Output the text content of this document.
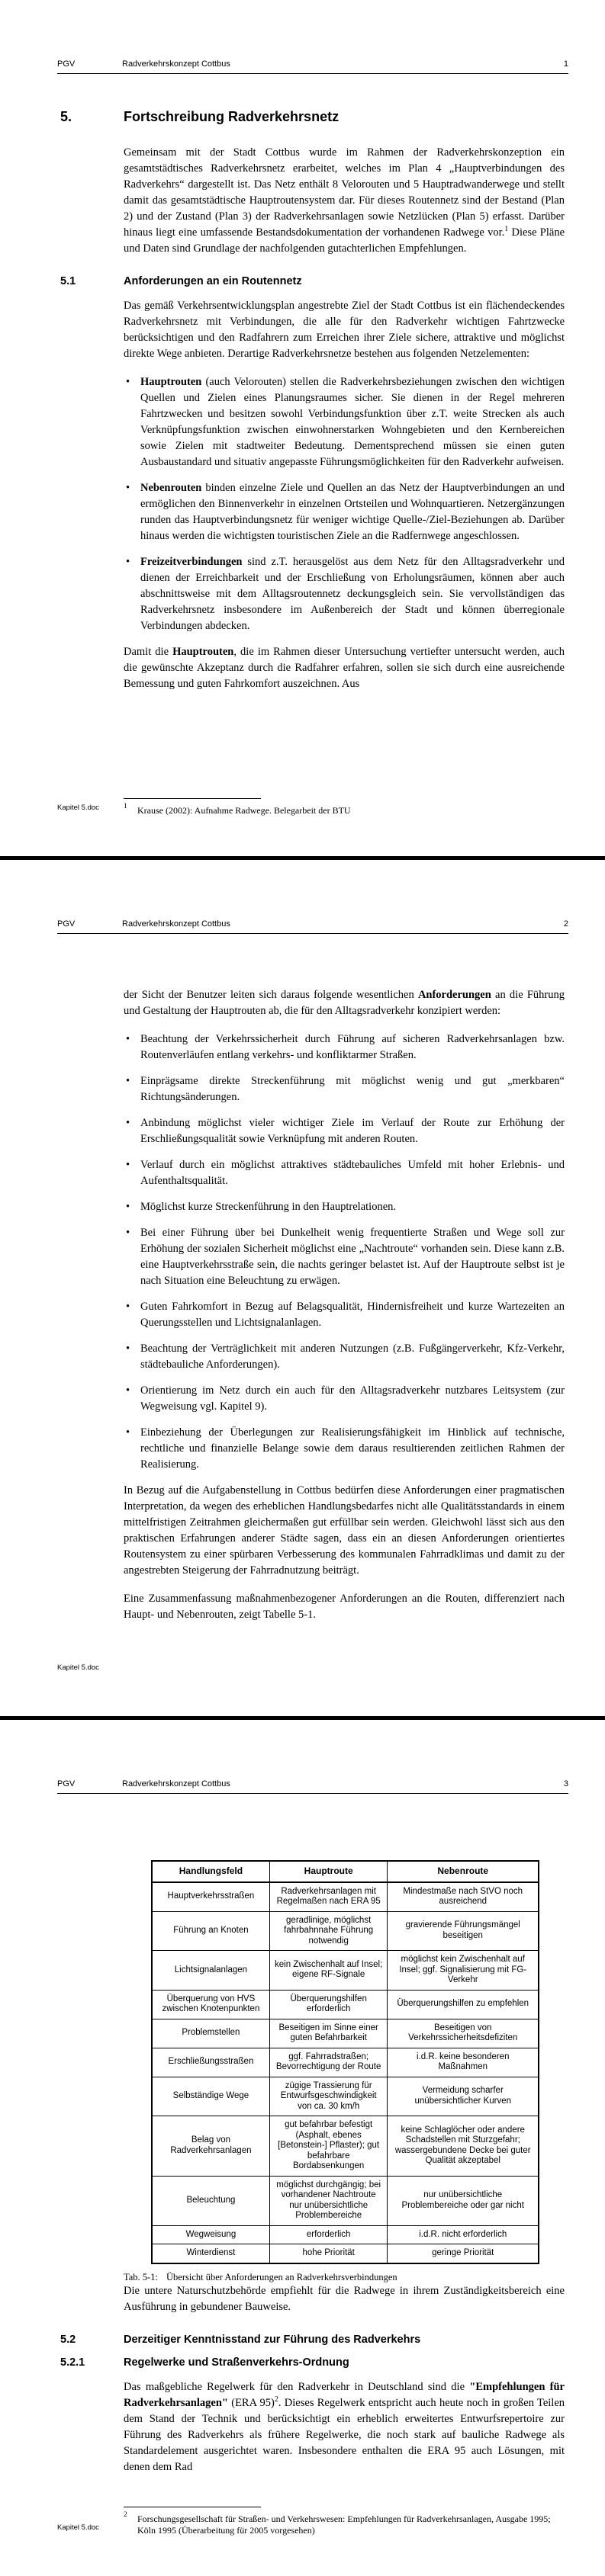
PGV	Radverkehrskonzept Cottbus	1
5.	Fortschreibung Radverkehrsnetz

Gemeinsam mit der Stadt Cottbus wurde im Rahmen der Radverkehrskonzeption ein gesamtstädtisches Radverkehrsnetz erarbeitet, welches im Plan 4 „Hauptverbindungen des Radverkehrs“ dargestellt ist. Das Netz enthält 8 Velorouten und 5 Hauptradwanderwege und stellt damit das gesamtstädtische Hauptroutensystem dar. Für dieses Routennetz sind der Bestand (Plan 2) und der Zustand (Plan 3) der Radverkehrsanlagen sowie Netzlücken (Plan 5) erfasst. Darüber hinaus liegt eine umfassende Bestandsdokumentation der vorhandenen Radwege vor.$^1$ Diese Pläne und Daten sind Grundlage der nachfolgenden gutachterlichen Empfehlungen.

5.1	Anforderungen an ein Routennetz

Das gemäß Verkehrsentwicklungsplan angestrebte Ziel der Stadt Cottbus ist ein flächendeckendes Radverkehrsnetz mit Verbindungen, die alle für den Radverkehr wichtigen Fahrtzwecke berücksichtigen und den Radfahrern zum Erreichen ihrer Ziele sichere, attraktive und möglichst direkte Wege anbieten. Derartige Radverkehrsnetze bestehen aus folgenden Netzelementen:

• Hauptrouten (auch Velorouten) stellen die Radverkehrsbeziehungen zwischen den wichtigen Quellen und Zielen eines Planungsraumes sicher. Sie dienen in der Regel mehreren Fahrtzwecken und besitzen sowohl Verbindungsfunktion über z.T. weite Strecken als auch Verknüpfungsfunktion zwischen einwohnerstarken Wohngebieten und den Kernbereichen sowie Zielen mit stadtweiter Bedeutung. Dementsprechend müssen sie einen guten Ausbaustandard und situativ angepasste Führungsmöglichkeiten für den Radverkehr aufweisen.
• Nebenrouten binden einzelne Ziele und Quellen an das Netz der Hauptverbindungen an und ermöglichen den Binnenverkehr in einzelnen Ortsteilen und Wohnquartieren. Netzergänzungen runden das Hauptverbindungsnetz für weniger wichtige Quelle-/Ziel-Beziehungen ab. Darüber hinaus werden die wichtigsten touristischen Ziele an die Radfernwege angeschlossen.
• Freizeitverbindungen sind z.T. herausgelöst aus dem Netz für den Alltagsradverkehr und dienen der Erreichbarkeit und der Erschließung von Erholungsräumen, können aber auch abschnittsweise mit dem Alltagsroutennetz deckungsgleich sein. Sie vervollständigen das Radverkehrsnetz insbesondere im Außenbereich der Stadt und können überregionale Verbindungen abdecken.

Damit die Hauptrouten, die im Rahmen dieser Untersuchung vertiefter untersucht werden, auch die gewünschte Akzeptanz durch die Radfahrer erfahren, sollen sie sich durch eine ausreichende Bemessung und guten Fahrkomfort auszeichnen. Aus

1 Krause (2002): Aufnahme Radwege. Belegarbeit der BTU
Kapitel 5.doc
PGV	Radverkehrskonzept Cottbus	2

der Sicht der Benutzer leiten sich daraus folgende wesentlichen Anforderungen an die Führung und Gestaltung der Hauptrouten ab, die für den Alltagsradverkehr konzipiert werden:

• Beachtung der Verkehrssicherheit durch Führung auf sicheren Radverkehrsanlagen bzw. Routenverläufen entlang verkehrs- und konfliktarmer Straßen.
• Einprägsame direkte Streckenführung mit möglichst wenig und gut „merkbaren“ Richtungsänderungen.
• Anbindung möglichst vieler wichtiger Ziele im Verlauf der Route zur Erhöhung der Erschließungsqualität sowie Verknüpfung mit anderen Routen.
• Verlauf durch ein möglichst attraktives städtebauliches Umfeld mit hoher Erlebnis- und Aufenthaltsqualität.
• Möglichst kurze Streckenführung in den Hauptrelationen.
• Bei einer Führung über bei Dunkelheit wenig frequentierte Straßen und Wege soll zur Erhöhung der sozialen Sicherheit möglichst eine „Nachtroute“ vorhanden sein. Diese kann z.B. eine Hauptverkehrsstraße sein, die nachts geringer belastet ist. Auf der Hauptroute selbst ist je nach Situation eine Beleuchtung zu erwägen.
• Guten Fahrkomfort in Bezug auf Belagsqualität, Hindernisfreiheit und kurze Wartezeiten an Querungsstellen und Lichtsignalanlagen.
• Beachtung der Verträglichkeit mit anderen Nutzungen (z.B. Fußgängerverkehr, Kfz-Verkehr, städtebauliche Anforderungen).
• Orientierung im Netz durch ein auch für den Alltagsradverkehr nutzbares Leitsystem (zur Wegweisung vgl. Kapitel 9).
• Einbeziehung der Überlegungen zur Realisierungsfähigkeit im Hinblick auf technische, rechtliche und finanzielle Belange sowie dem daraus resultierenden zeitlichen Rahmen der Realisierung.

In Bezug auf die Aufgabenstellung in Cottbus bedürfen diese Anforderungen einer pragmatischen Interpretation, da wegen des erheblichen Handlungsbedarfes nicht alle Qualitätsstandards in einem mittelfristigen Zeitrahmen gleichermaßen gut erfüllbar sein werden. Gleichwohl lässt sich aus den praktischen Erfahrungen anderer Städte sagen, dass ein an diesen Anforderungen orientiertes Routensystem zu einer spürbaren Verbesserung des kommunalen Fahrradklimas und damit zu der angestrebten Steigerung der Fahrradnutzung beiträgt.

Eine Zusammenfassung maßnahmenbezogener Anforderungen an die Routen, differenziert nach Haupt- und Nebenrouten, zeigt Tabelle 5-1.

Kapitel 5.doc
PGV	Radverkehrskonzept Cottbus	3
Handlungsfeld	Hauptroute	Nebenroute
Hauptverkehrsstraßen	Radverkehrsanlagen mit Regelmaßen nach ERA 95	Mindestmaße nach StVO noch ausreichend
Führung an Knoten	geradlinige, möglichst fahrbahnnahe Führung notwendig	gravierende Führungsmängel beseitigen
Lichtsignalanlagen	kein Zwischenhalt auf Insel; eigene RF-Signale	möglichst kein Zwischenhalt auf Insel; ggf. Signalisierung mit FG-Verkehr
Überquerung von HVS zwischen Knotenpunkten	Überquerungshilfen erforderlich	Überquerungshilfen zu empfehlen
Problemstellen	Beseitigen im Sinne einer guten Befahrbarkeit	Beseitigen von Verkehrssicherheitsdefiziten
Erschließungsstraßen	ggf. Fahrradstraßen; Bevorrechtigung der Route	i.d.R. keine besonderen Maßnahmen
Selbständige Wege	zügige Trassierung für Entwurfsgeschwindigkeit von ca. 30 km/h	Vermeidung scharfer unübersichtlicher Kurven
Belag von Radverkehrsanlagen	gut befahrbar befestigt (Asphalt, ebenes [Betonstein-] Pflaster); gut befahrbare Bordabsenkungen	keine Schlaglöcher oder andere Schadstellen mit Sturzgefahr; wassergebundene Decke bei guter Qualität akzeptabel
Beleuchtung	möglichst durchgängig; bei vorhandener Nachtroute nur unübersichtliche Problembereiche	nur unübersichtliche Problembereiche oder gar nicht
Wegweisung	erforderlich	i.d.R. nicht erforderlich
Winterdienst	hohe Priorität	geringe Priorität

Tab. 5-1: Übersicht über Anforderungen an Radverkehrsverbindungen

Die untere Naturschutzbehörde empfiehlt für die Radwege in ihrem Zuständigkeitsbereich eine Ausführung in gebundener Bauweise.

5.2	Derzeitiger Kenntnisstand zur Führung des Radverkehrs
5.2.1	Regelwerke und Straßenverkehrs-Ordnung

Das maßgebliche Regelwerk für den Radverkehr in Deutschland sind die "Empfehlungen für Radverkehrsanlagen" (ERA 95)$^2$. Dieses Regelwerk entspricht auch heute noch in großen Teilen dem Stand der Technik und berücksichtigt ein erheblich erweitertes Entwurfsrepertoire zur Führung des Radverkehrs als frühere Regelwerke, die noch stark auf bauliche Radwege als Standardelement ausgerichtet waren. Insbesondere enthalten die ERA 95 auch Lösungen, mit denen dem Rad

2 Forschungsgesellschaft für Straßen- und Verkehrswesen: Empfehlungen für Radverkehrsanlagen, Ausgabe 1995; Köln 1995 (Überarbeitung für 2005 vorgesehen)
Kapitel 5.doc
